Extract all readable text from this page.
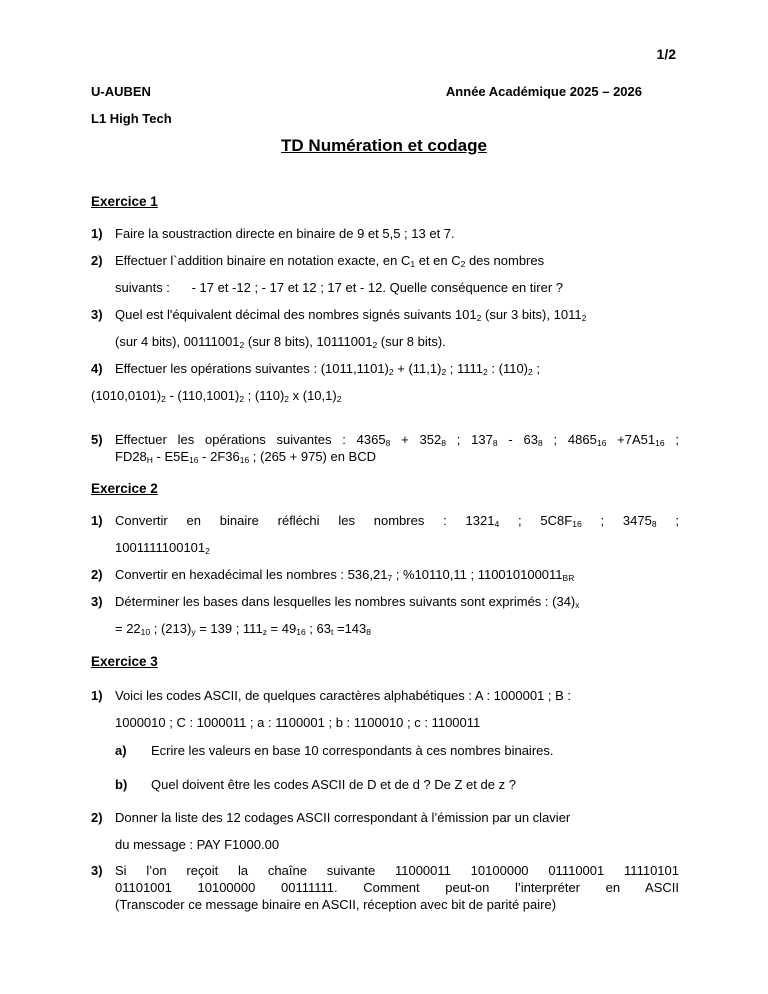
1/2
U-AUBEN	Année Académique 2025 – 2026
L1 High Tech
TD Numération et codage
Exercice 1
1) Faire la soustraction directe en binaire de 9 et 5,5 ; 13 et 7.
2) Effectuer l`addition binaire en notation exacte, en $C_1$ et en $C_2$ des nombres
suivants :      - 17 et -12 ; - 17 et 12 ; 17 et - 12. Quelle conséquence en tirer ?
3) Quel est l'équivalent décimal des nombres signés suivants $101_2$ (sur 3 bits), $1011_2$
(sur 4 bits), $00111001_2$ (sur 8 bits), $10111001_2$ (sur 8 bits).
4) Effectuer les opérations suivantes : $(1011,1101)_2 + (11,1)_2$ ; $1111_2$ : $(110)_2$ ;
$(1010,0101)_2 - (110,1001)_2$ ; $(110)_2$ x $(10,1)_2$
5) Effectuer les opérations suivantes : $4365_8 + 352_8$ ; $137_8 - 63_8$ ; $4865_{16} +7A51_{16}$ ;
$FD28_H - E5E_{16} - 2F36_{16}$ ; (265 + 975) en BCD
Exercice 2
1) Convertir en binaire réfléchi les nombres : $1321_4$ ; $5C8F_{16}$ ; $3475_8$ ;
$1001111100101_2$
2) Convertir en hexadécimal les nombres : $536,21_7$ ; %10110,11 ; $110010100011_{BR}$
3) Déterminer les bases dans lesquelles les nombres suivants sont exprimés : $(34)_x$
= $22_{10}$ ; $(213)_y = 139$ ; $111_z = 49_{16}$ ; $63_t =143_8$
Exercice 3
1) Voici les codes ASCII, de quelques caractères alphabétiques : A : 1000001 ; B :
1000010 ; C : 1000011 ; a : 1100001 ; b : 1100010 ; c : 1100011
a)	Ecrire les valeurs en base 10 correspondants à ces nombres binaires.
b)	Quel doivent être les codes ASCII de D et de d ? De Z et de z ?
2) Donner la liste des 12 codages ASCII correspondant à l’émission par un clavier
du message : PAY F1000.00
3) Si l’on reçoit la chaîne suivante 11000011 10100000 01110001 11110101
01101001 10100000 00111111. Comment peut-on l’interpréter en ASCII
(Transcoder ce message binaire en ASCII, réception avec bit de parité paire)
